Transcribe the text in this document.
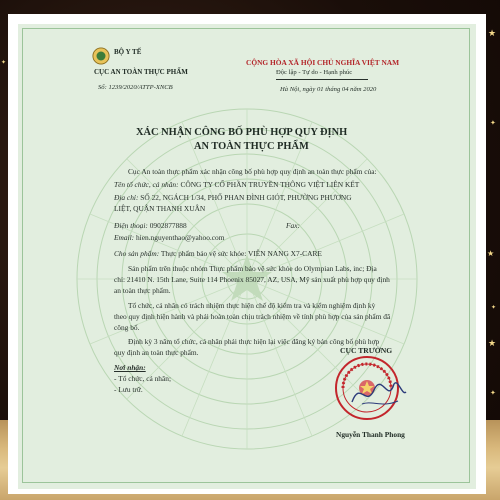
★
✦
★
✦
★
✦
✦
BỘ Y TẾ
CỤC AN TOÀN THỰC PHẨM
Số: 1239/2020/ATTP-XNCB
CỘNG HÒA XÃ HỘI CHỦ NGHĨA VIỆT NAM
Độc lập - Tự do - Hạnh phúc
Hà Nội, ngày 01 tháng 04 năm 2020
XÁC NHẬN CÔNG BỐ PHÙ HỢP QUY ĐỊNH
AN TOÀN THỰC PHẨM
Cục An toàn thực phẩm xác nhận công bố phù hợp quy định an toàn thực phẩm của:
Tên tổ chức, cá nhân: CÔNG TY CỔ PHẦN TRUYỀN THÔNG VIỆT LIÊN KẾT
Địa chỉ: SỐ 22, NGÁCH 1/34, PHỐ PHAN ĐÌNH GIÓT, PHƯỜNG PHƯƠNG
LIỆT, QUẬN THANH XUÂN
Điện thoại: 0902877888	Fax:
Email: hien.nguyenthao@yahoo.com
Cho sản phẩm: Thực phẩm bảo vệ sức khỏe: VIÊN NANG X7-CARE
Sản phẩm trên thuộc nhóm Thực phẩm bảo vệ sức khỏe do Olympian Labs, inc; Địa
chỉ: 21410 N. 15th Lane, Suite 114 Phoenix 85027, AZ, USA, Mỹ sản xuất phù hợp quy định
an toàn thực phẩm.
Tổ chức, cá nhân có trách nhiệm thực hiện chế độ kiểm tra và kiểm nghiệm định kỳ
theo quy định hiện hành và phải hoàn toàn chịu trách nhiệm về tính phù hợp của sản phẩm đã
công bố.
Định kỳ 3 năm tổ chức, cá nhân phải thực hiện lại việc đăng ký bản công bố phù hợp
quy định an toàn thực phẩm.
Nơi nhận:
- Tổ chức, cá nhân;
- Lưu trữ.
CỤC TRƯỞNG
Nguyễn Thanh Phong
